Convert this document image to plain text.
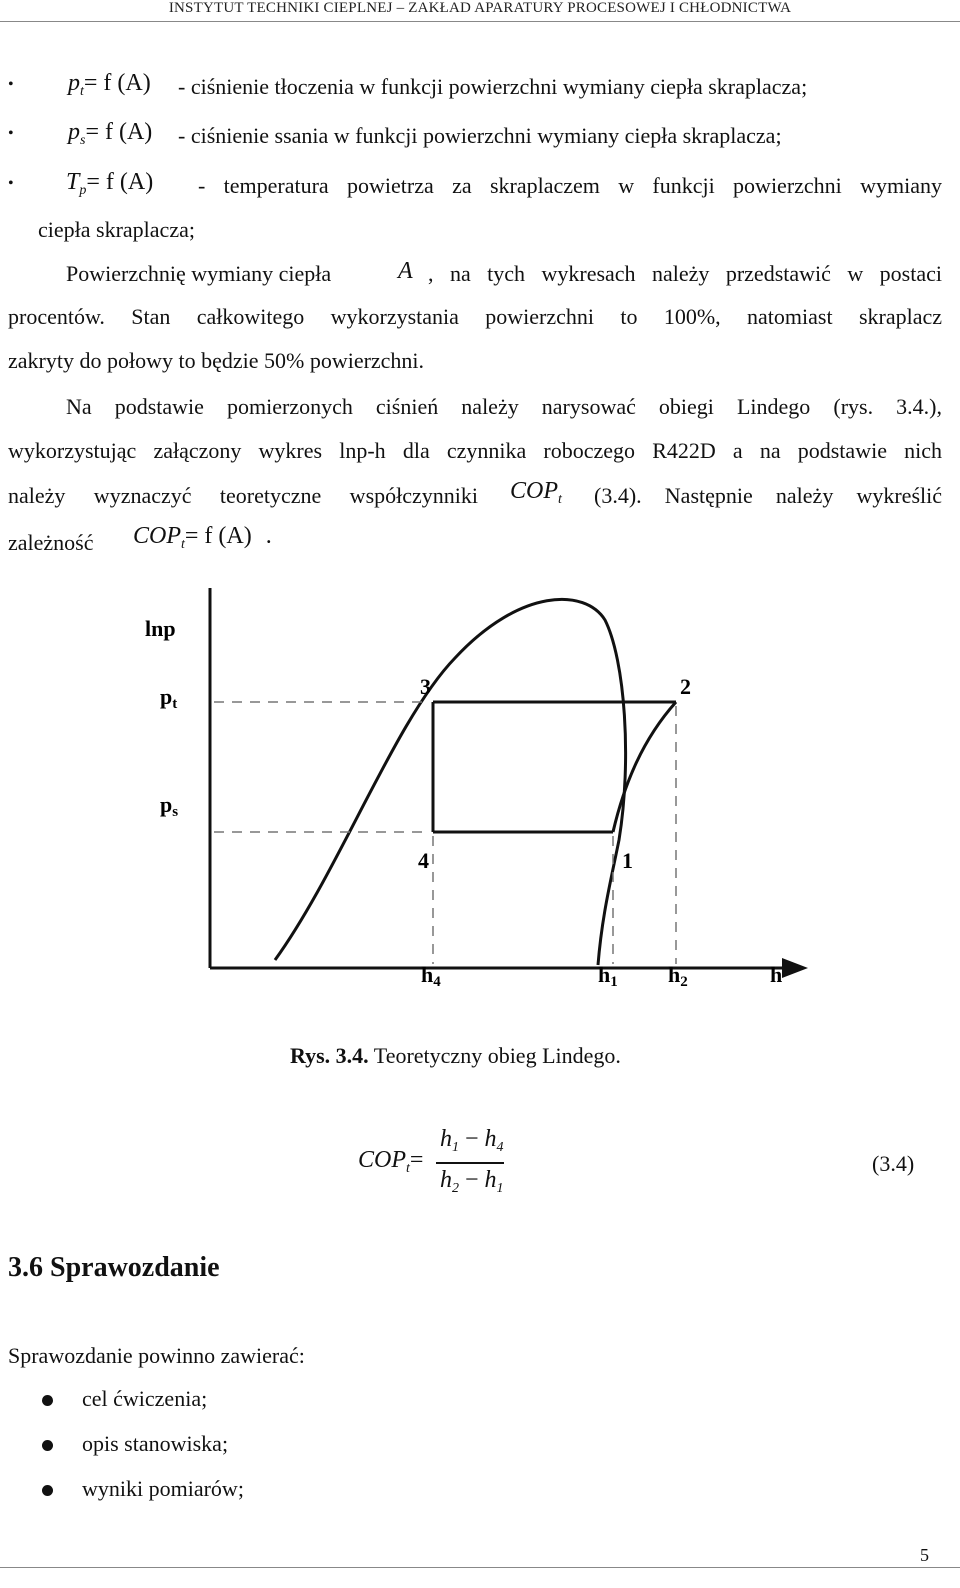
INSTYTUT TECHNIKI CIEPLNEJ – ZAKŁAD APARATURY PROCESOWEJ I CHŁODNICTWA
• $p_t= f$ (A) - ciśnienie tłoczenia w funkcji powierzchni wymiany ciepła skraplacza;
• $p_s= f$ (A) - ciśnienie ssania w funkcji powierzchni wymiany ciepła skraplacza;
• $T_p= f$ (A) - temperatura powietrza za skraplaczem w funkcji powierzchni wymiany
ciepła skraplacza;
Powierzchnię wymiany ciepła	A , na tych wykresach należy przedstawić w postaci
procentów. Stan całkowitego wykorzystania powierzchni to 100%, natomiast skraplacz
zakryty do połowy to będzie 50% powierzchni.
Na podstawie pomierzonych ciśnień należy narysować obiegi Lindego (rys. 3.4.),
wykorzystując załączony wykres lnp-h dla czynnika roboczego R422D a na podstawie nich
należy wyznaczyć teoretyczne współczynniki $COP_t$ (3.4). Następnie należy wykreślić
zależność $COP_t= f$ (A) .
lnp
pt
ps
3	2
4	1
h4	h1 h2	h
Rys. 3.4. Teoretyczny obieg Lindego.
$COP_t=$
$h_1 - h_4$
$h_2 - h_1$
(3.4)
3.6 Sprawozdanie
Sprawozdanie powinno zawierać:
cel ćwiczenia;
opis stanowiska;
wyniki pomiarów;
5
